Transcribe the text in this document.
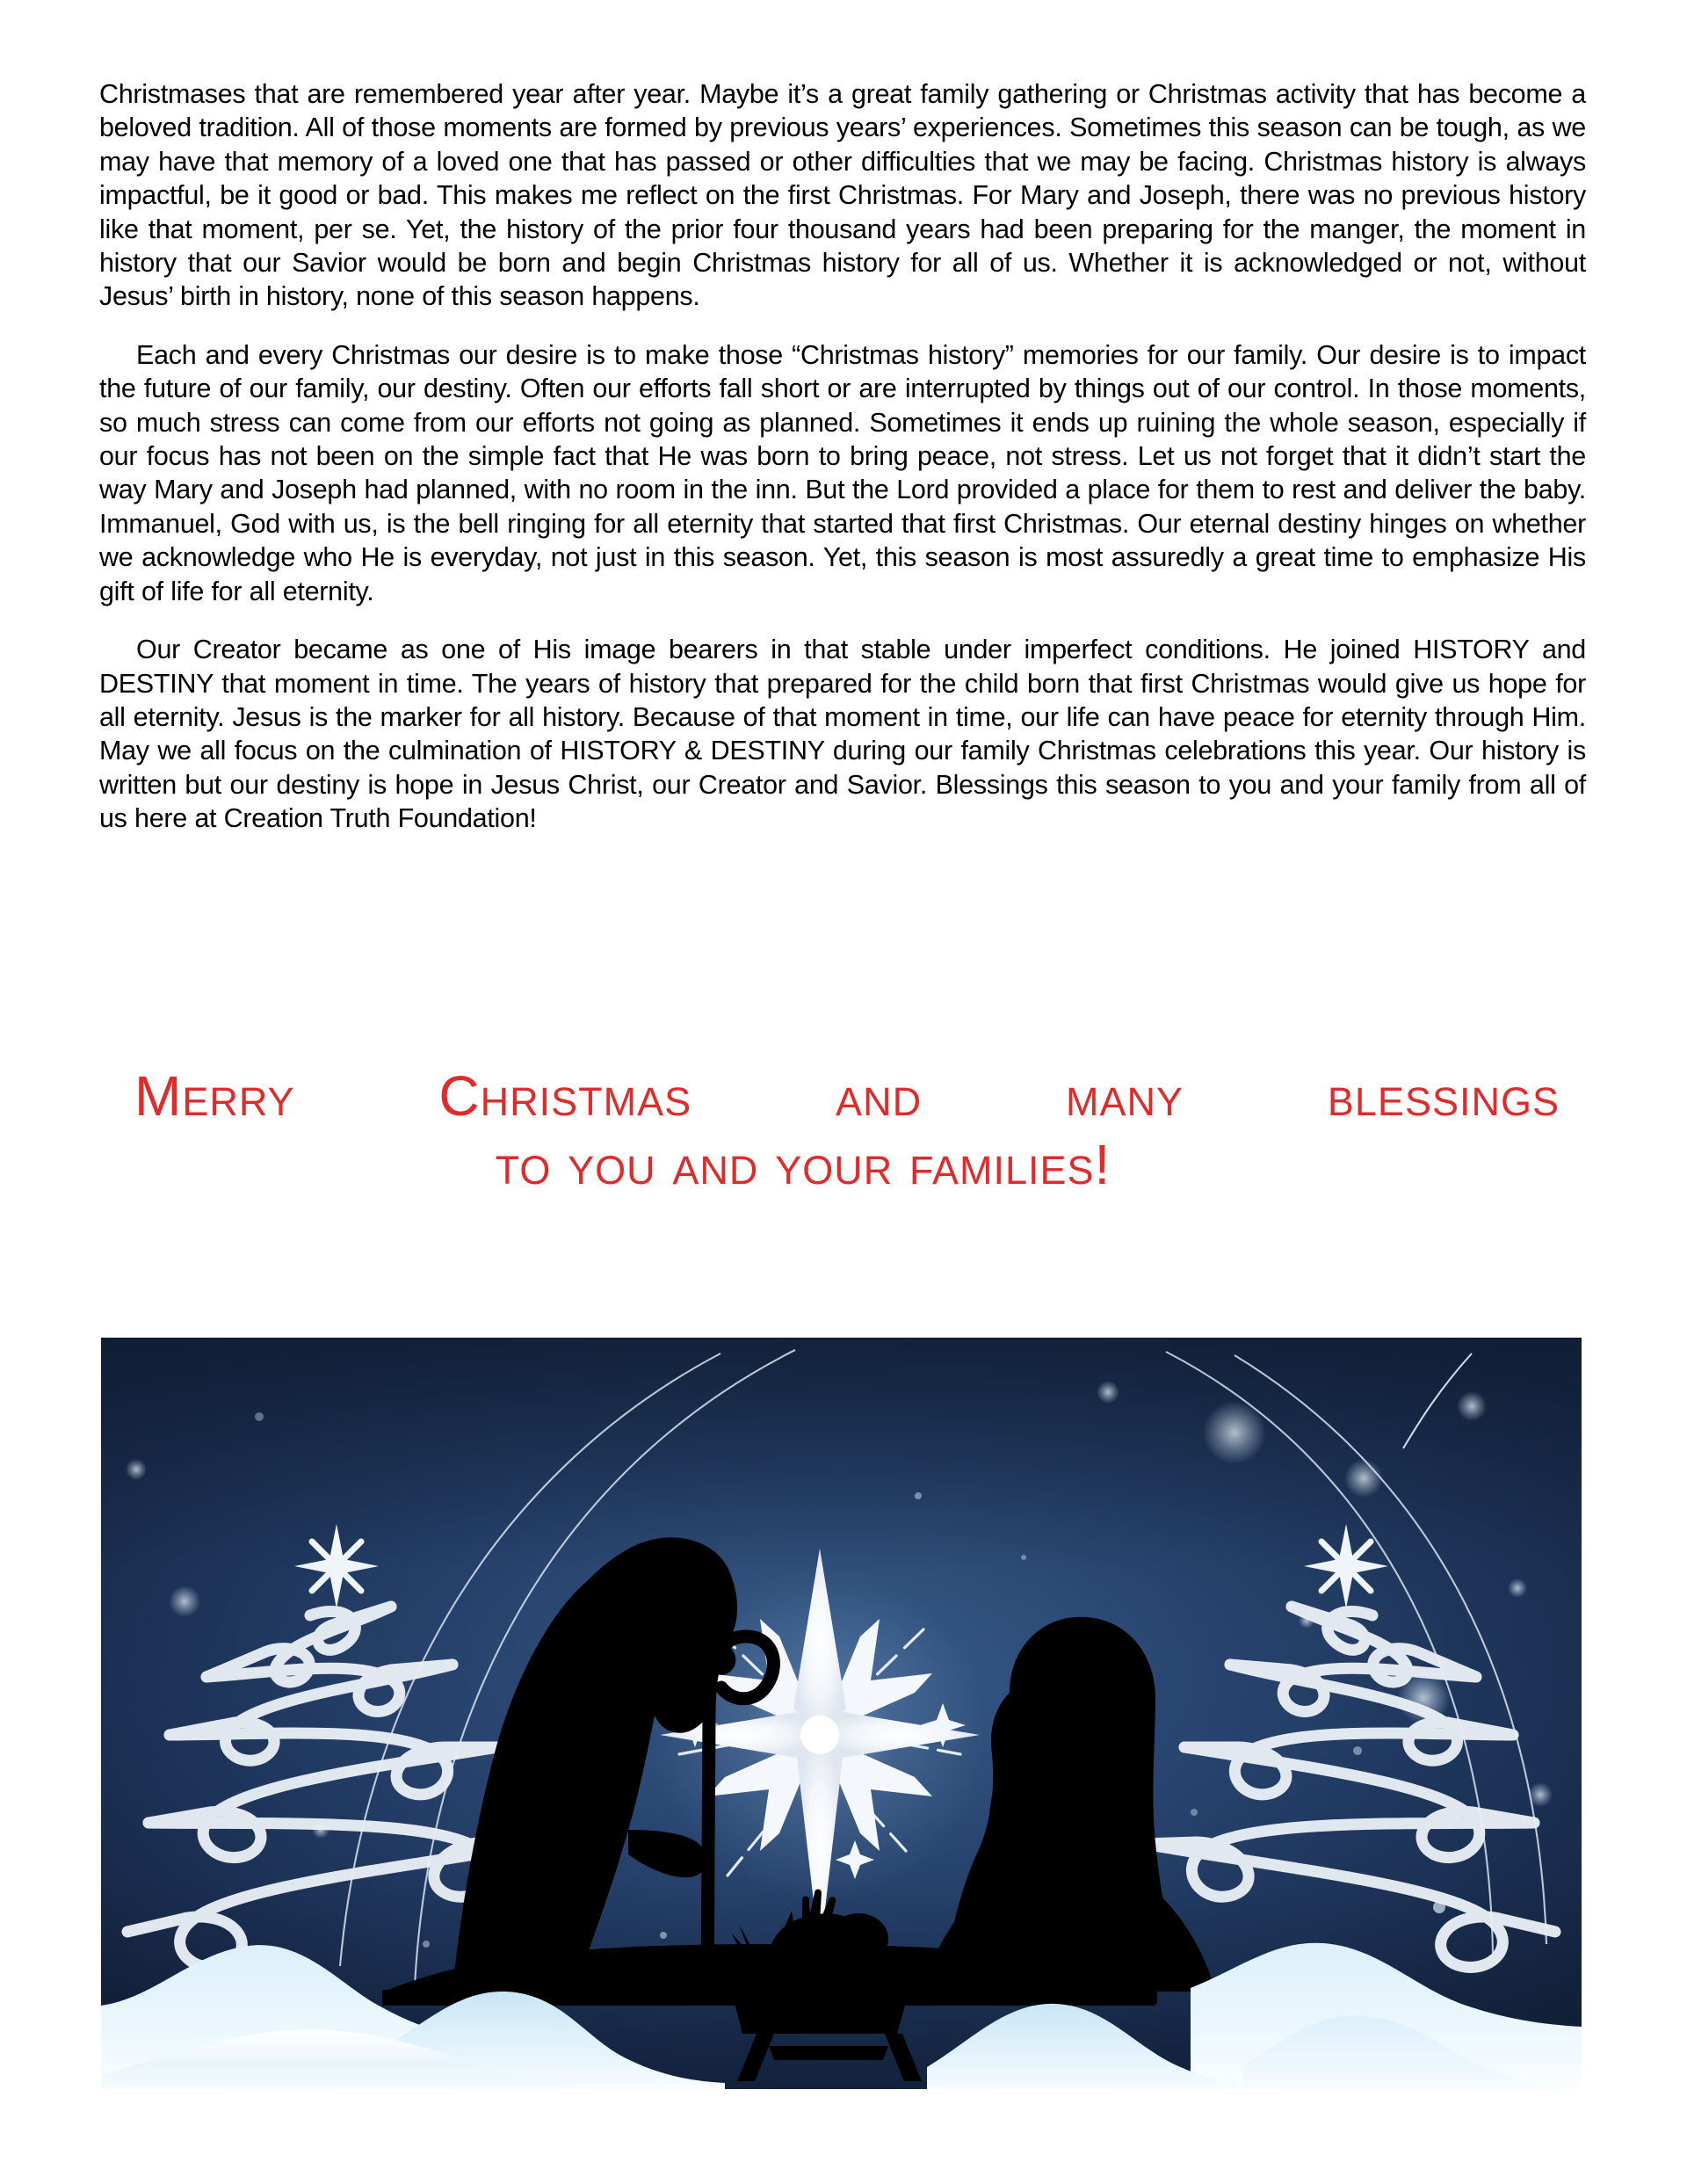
Christmases that are remembered year after year. Maybe it’s a great family gathering or Christmas activity that has become a beloved tradition. All of those moments are formed by previous years’ experiences. Sometimes this season can be tough, as we may have that memory of a loved one that has passed or other difficulties that we may be facing. Christmas history is always impactful, be it good or bad. This makes me reflect on the first Christmas. For Mary and Joseph, there was no previous history like that moment, per se. Yet, the history of the prior four thousand years had been preparing for the manger, the moment in history that our Savior would be born and begin Christmas history for all of us. Whether it is acknowledged or not, without Jesus’ birth in history, none of this season happens.

Each and every Christmas our desire is to make those “Christmas history” memories for our family. Our desire is to impact the future of our family, our destiny. Often our efforts fall short or are interrupted by things out of our control. In those moments, so much stress can come from our efforts not going as planned. Sometimes it ends up ruining the whole season, especially if our focus has not been on the simple fact that He was born to bring peace, not stress. Let us not forget that it didn’t start the way Mary and Joseph had planned, with no room in the inn. But the Lord provided a place for them to rest and deliver the baby. Immanuel, God with us, is the bell ringing for all eternity that started that first Christmas. Our eternal destiny hinges on whether we acknowledge who He is everyday, not just in this season. Yet, this season is most assuredly a great time to emphasize His gift of life for all eternity.

Our Creator became as one of His image bearers in that stable under imperfect conditions. He joined HISTORY and DESTINY that moment in time. The years of history that prepared for the child born that first Christmas would give us hope for all eternity. Jesus is the marker for all history. Because of that moment in time, our life can have peace for eternity through Him. May we all focus on the culmination of HISTORY & DESTINY during our family Christmas celebrations this year. Our history is written but our destiny is hope in Jesus Christ, our Creator and Savior. Blessings this season to you and your family from all of us here at Creation Truth Foundation!

Merry Christmas and many blessings
to you and your families!
